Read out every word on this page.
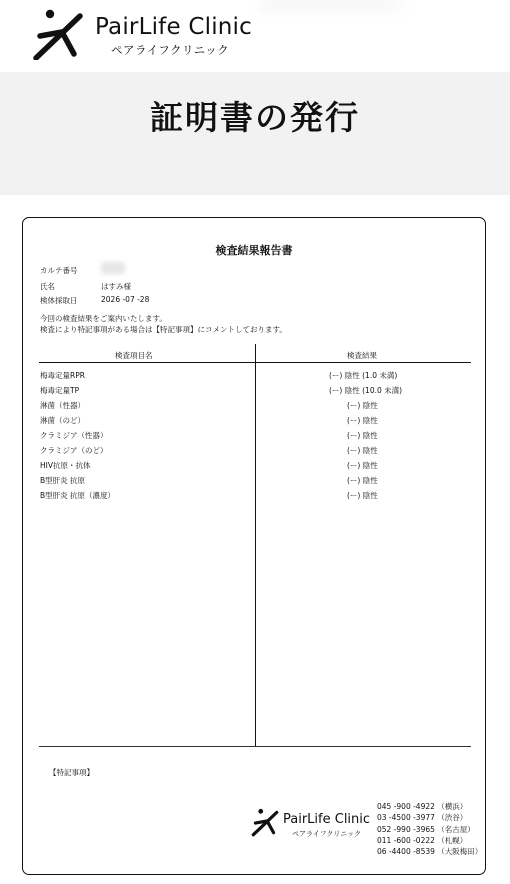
PairLife Clinic
ペアライフクリニック
証明書の発行
検査結果報告書
カルテ番号
氏名	はすみ様
検体採取日	2026 -07 -28
今回の検査結果をご案内いたします。
検査により特記事項がある場合は【特記事項】にコメントしております。
検査項目名	検査結果
梅毒定量RPR	(ー) 陰性 (1.0 未満)
梅毒定量TP	(ー) 陰性 (10.0 未満)
淋菌（性器）	(ー) 陰性
淋菌（のど）	(ー) 陰性
クラミジア（性器）	(ー) 陰性
クラミジア（のど）	(ー) 陰性
HIV抗原・抗体	(ー) 陰性
B型肝炎 抗原	(ー) 陰性
B型肝炎 抗原（濃度）	(ー) 陰性
【特記事項】
PairLife Clinic
ペアライフクリニック
045 -900 -4922 （横浜）
03 -4500 -3977 （渋谷）
052 -990 -3965 （名古屋）
011 -600 -0222 （札幌）
06 -4400 -8539 （大阪梅田）
